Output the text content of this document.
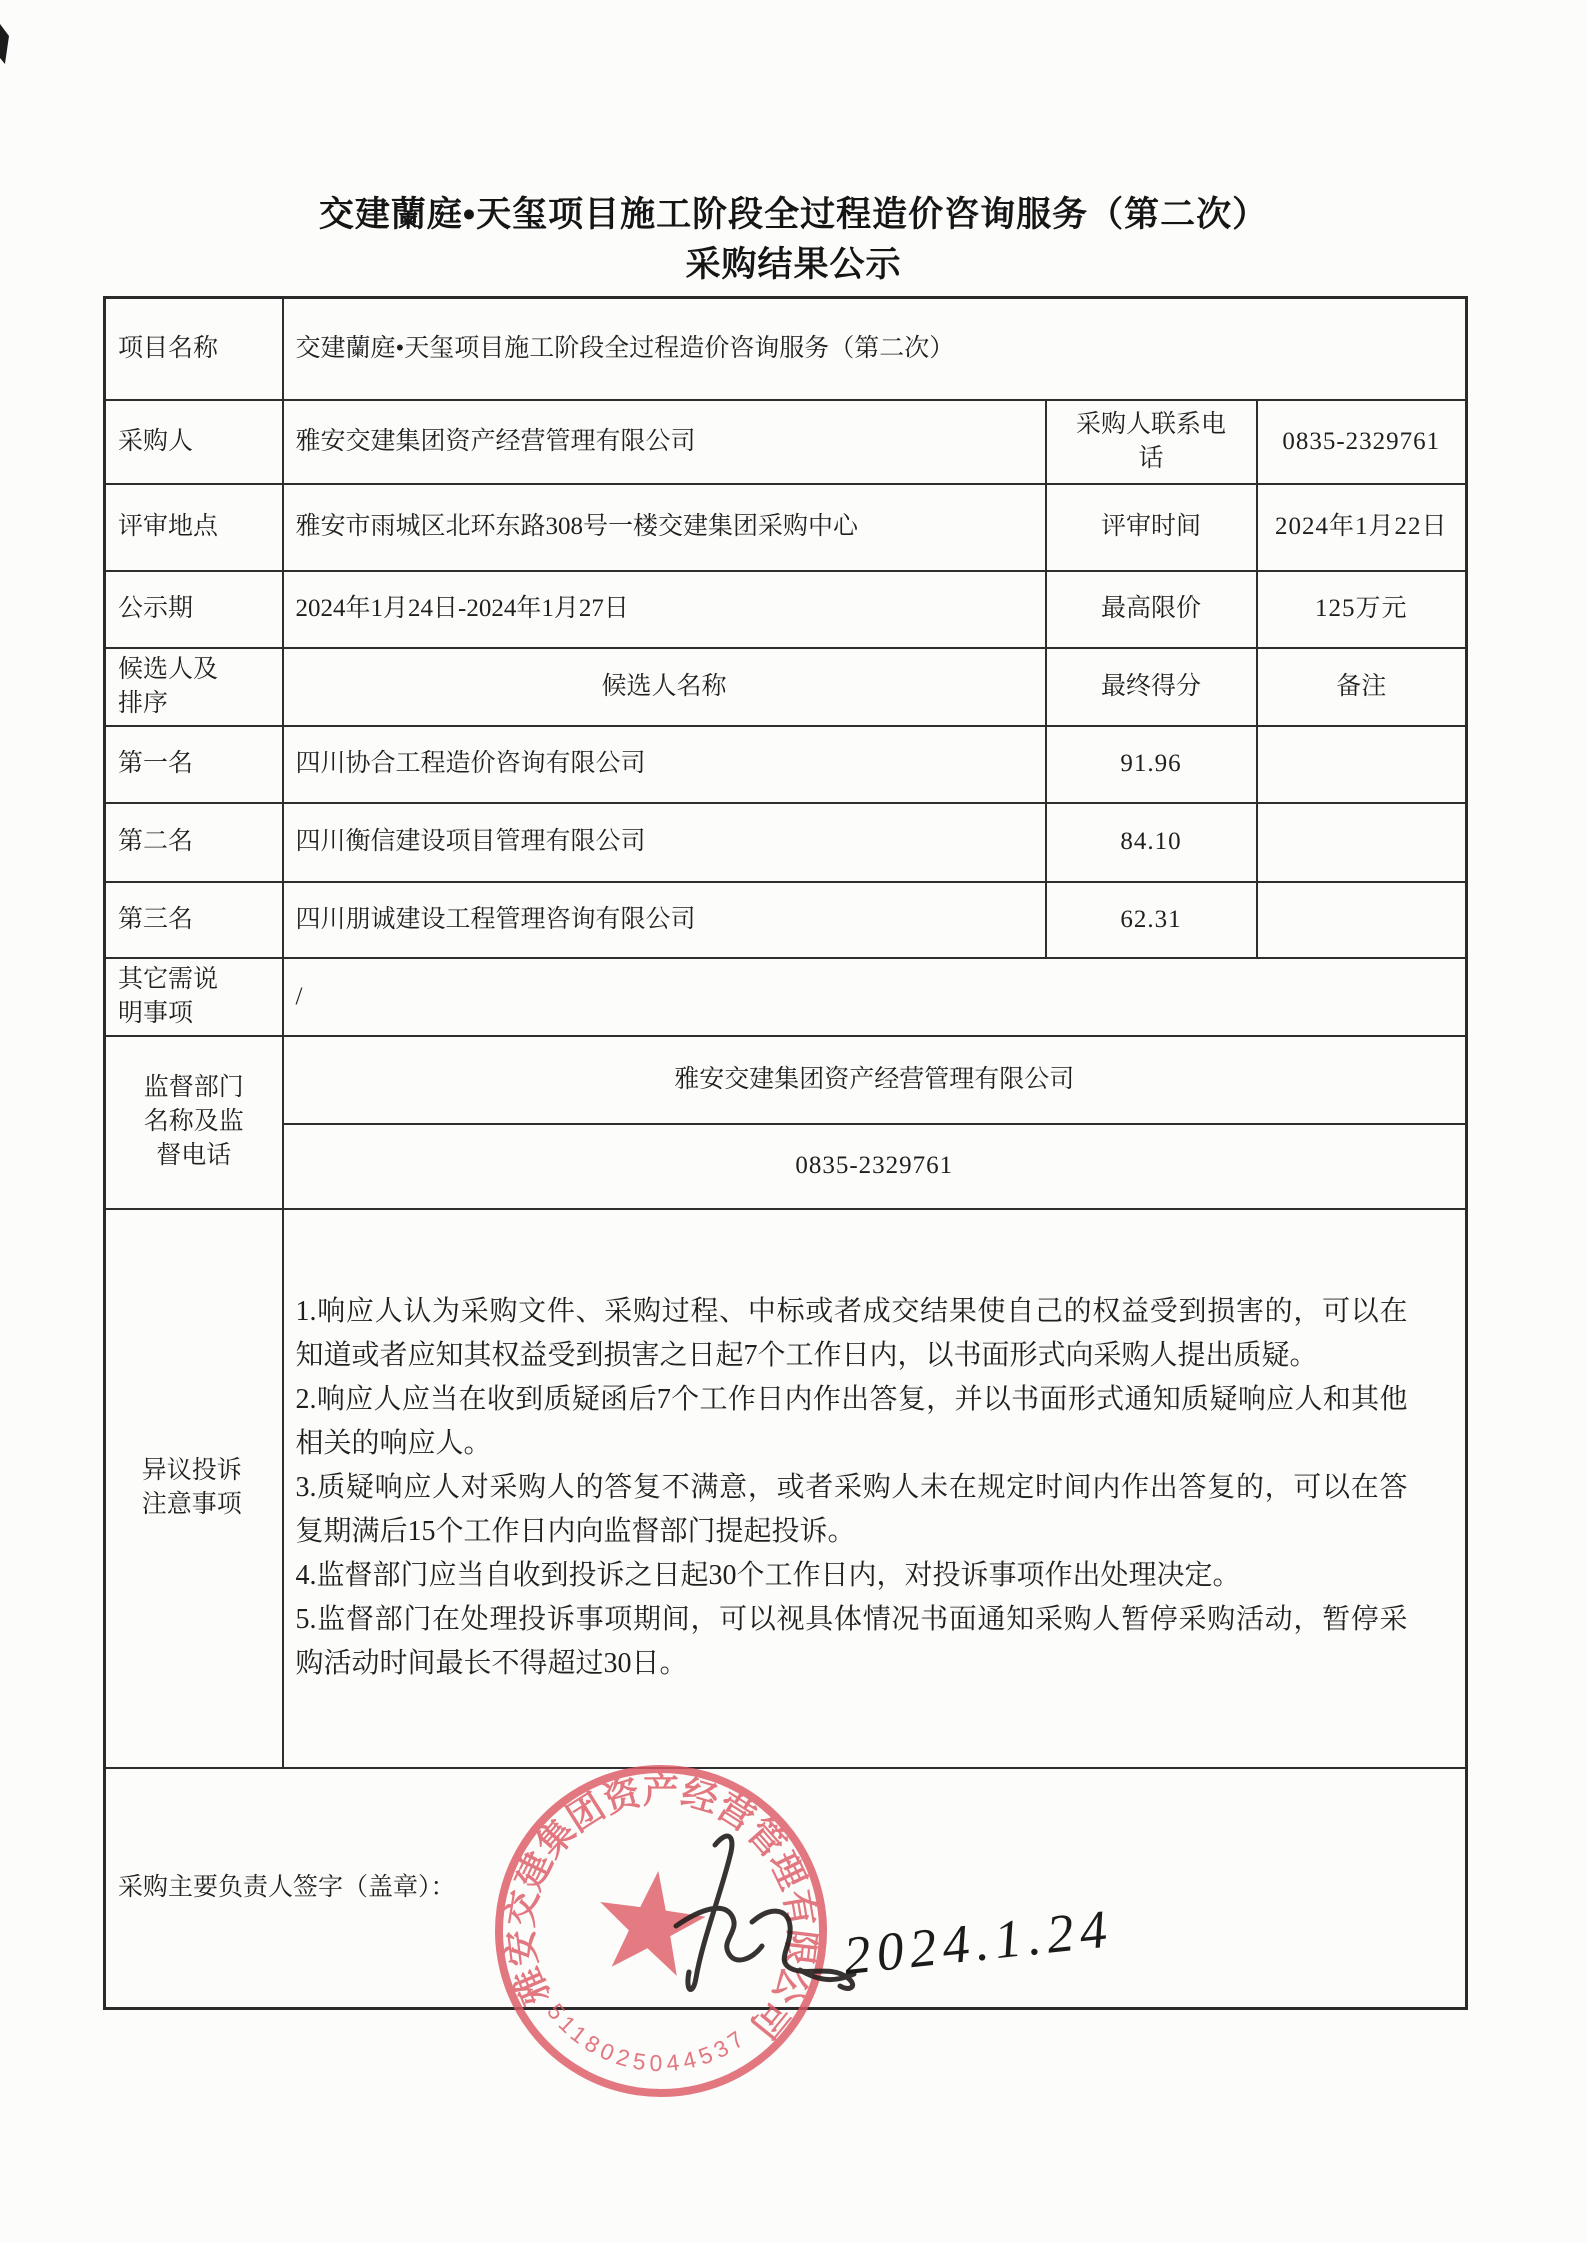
交建蘭庭•天玺项目施工阶段全过程造价咨询服务（第二次）
采购结果公示
项目名称	交建蘭庭•天玺项目施工阶段全过程造价咨询服务（第二次）		
采购人	雅安交建集团资产经营管理有限公司	采购人联系电话	0835-2329761
评审地点	雅安市雨城区北环东路308号一楼交建集团采购中心	评审时间	2024年1月22日
公示期	2024年1月24日-2024年1月27日	最高限价	125万元
候选人及排序	候选人名称	最终得分	备注
第一名	四川协合工程造价咨询有限公司	91.96	
第二名	四川衡信建设项目管理有限公司	84.10	
第三名	四川朋诚建设工程管理咨询有限公司	62.31	
其它需说明事项	/		
监督部门名称及监督电话	雅安交建集团资产经营管理有限公司		
	0835-2329761		
异议投诉注意事项	1.响应人认为采购文件、采购过程、中标或者成交结果使自己的权益受到损害的，可以在知道或者应知其权益受到损害之日起7个工作日内，以书面形式向采购人提出质疑。

2.响应人应当在收到质疑函后7个工作日内作出答复，并以书面形式通知质疑响应人和其他相关的响应人。

3.质疑响应人对采购人的答复不满意，或者采购人未在规定时间内作出答复的，可以在答复期满后15个工作日内向监督部门提起投诉。

4.监督部门应当自收到投诉之日起30个工作日内，对投诉事项作出处理决定。

5.监督部门在处理投诉事项期间，可以视具体情况书面通知采购人暂停采购活动，暂停采购活动时间最长不得超过30日。		

采购主要负责人签字（盖章）：			
雅安交建集团资产经营管理有限公司
5118025044537
2024.1.24
